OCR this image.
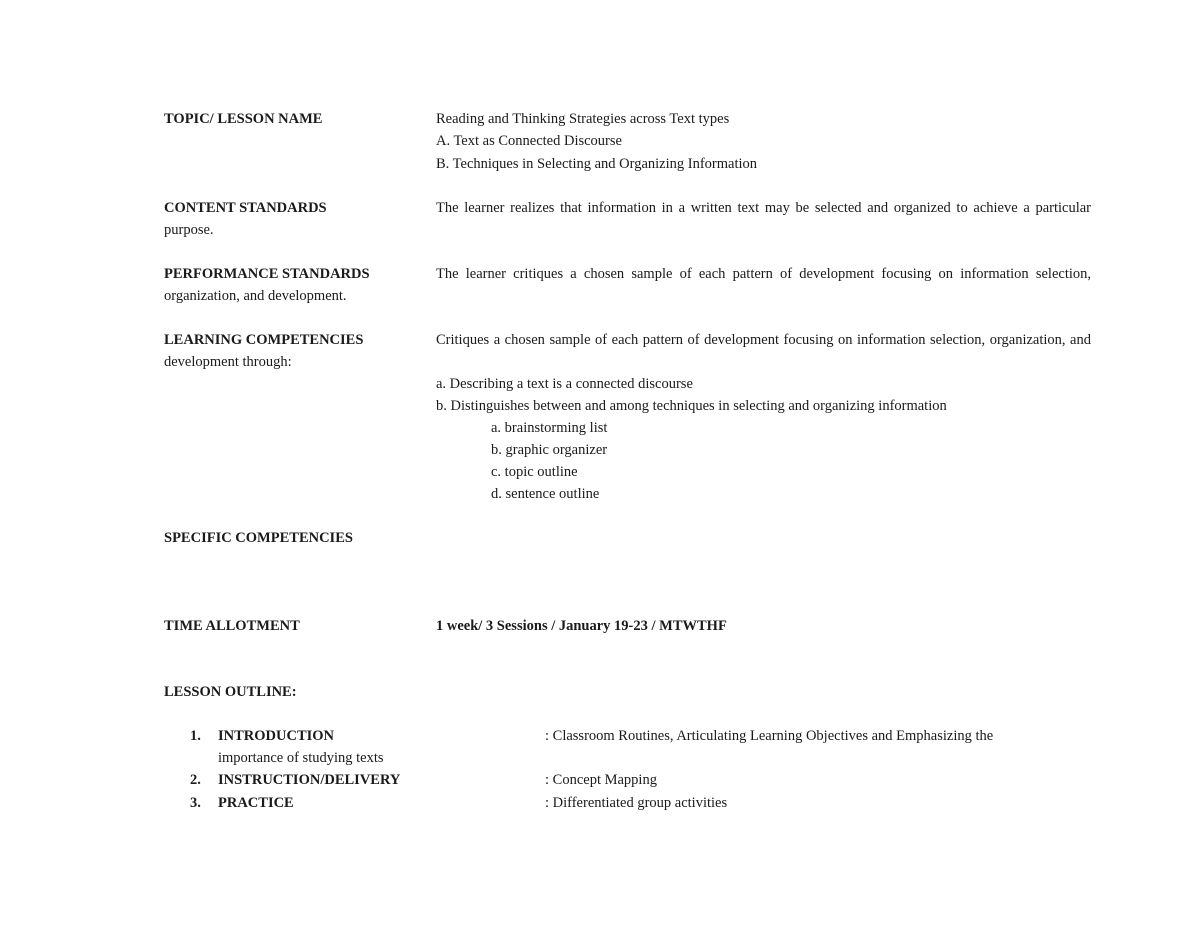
TOPIC/ LESSON NAME	Reading and Thinking Strategies across Text types
A. Text as Connected Discourse
B. Techniques in Selecting and Organizing Information
CONTENT STANDARDS	The learner realizes that information in a written text may be selected and organized to achieve a particular purpose.
PERFORMANCE STANDARDS	The learner critiques a chosen sample of each pattern of development focusing on information selection, organization, and development.
LEARNING COMPETENCIES	Critiques a chosen sample of each pattern of development focusing on information selection, organization, and development through:
a. Describing a text is a connected discourse
b. Distinguishes between and among techniques in selecting and organizing information
a. brainstorming list
b. graphic organizer
c. topic outline
d. sentence outline
SPECIFIC COMPETENCIES
TIME ALLOTMENT	1 week/ 3 Sessions / January 19-23 / MTWTHF
LESSON OUTLINE:
1. INTRODUCTION	: Classroom Routines, Articulating Learning Objectives and Emphasizing the
importance of studying texts
2. INSTRUCTION/DELIVERY	: Concept Mapping
3. PRACTICE	: Differentiated group activities
